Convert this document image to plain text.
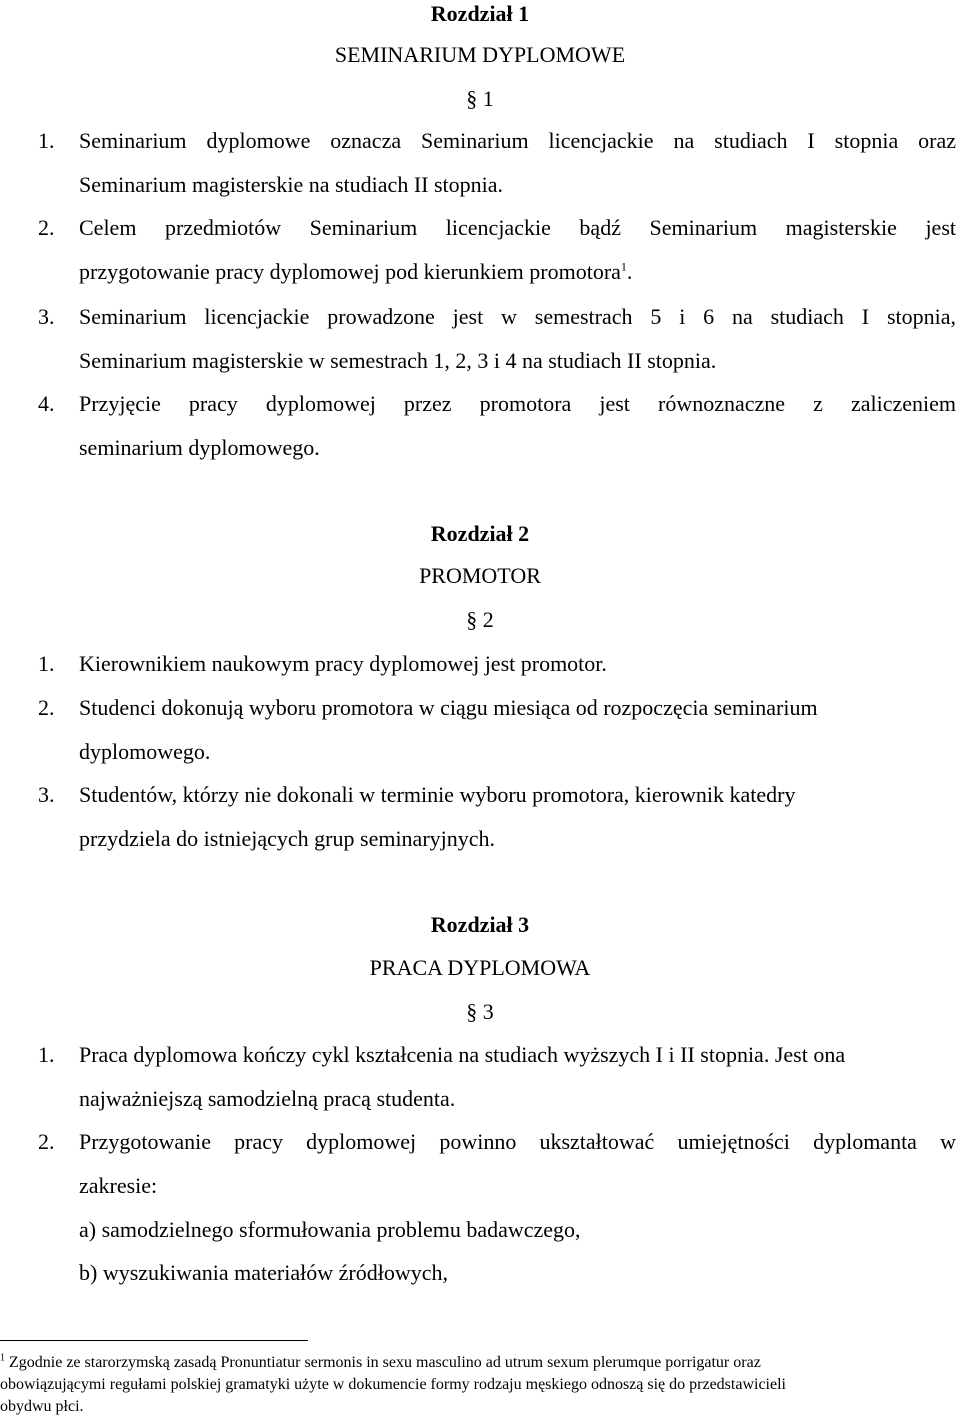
Rozdział 1
SEMINARIUM DYPLOMOWE
§ 1
1. Seminarium dyplomowe oznacza Seminarium licencjackie na studiach I stopnia oraz
Seminarium magisterskie na studiach II stopnia.
2. Celem przedmiotów Seminarium licencjackie bądź Seminarium magisterskie jest
przygotowanie pracy dyplomowej pod kierunkiem promotora$^1$.
3. Seminarium licencjackie prowadzone jest w semestrach 5 i 6 na studiach I stopnia,
Seminarium magisterskie w semestrach 1, 2, 3 i 4 na studiach II stopnia.
4. Przyjęcie pracy dyplomowej przez promotora jest równoznaczne z zaliczeniem
seminarium dyplomowego.
Rozdział 2
PROMOTOR
§ 2
1. Kierownikiem naukowym pracy dyplomowej jest promotor.
2. Studenci dokonują wyboru promotora w ciągu miesiąca od rozpoczęcia seminarium
dyplomowego.
3. Studentów, którzy nie dokonali w terminie wyboru promotora, kierownik katedry
przydziela do istniejących grup seminaryjnych.
Rozdział 3
PRACA DYPLOMOWA
§ 3
1. Praca dyplomowa kończy cykl kształcenia na studiach wyższych I i II stopnia. Jest ona
najważniejszą samodzielną pracą studenta.
2. Przygotowanie pracy dyplomowej powinno ukształtować umiejętności dyplomanta w
zakresie:
a) samodzielnego sformułowania problemu badawczego,
b) wyszukiwania materiałów źródłowych,
$^1$ Zgodnie ze starorzymską zasadą Pronuntiatur sermonis in sexu masculino ad utrum sexum plerumque porrigatur oraz
obowiązującymi regułami polskiej gramatyki użyte w dokumencie formy rodzaju męskiego odnoszą się do przedstawicieli
obydwu płci.
